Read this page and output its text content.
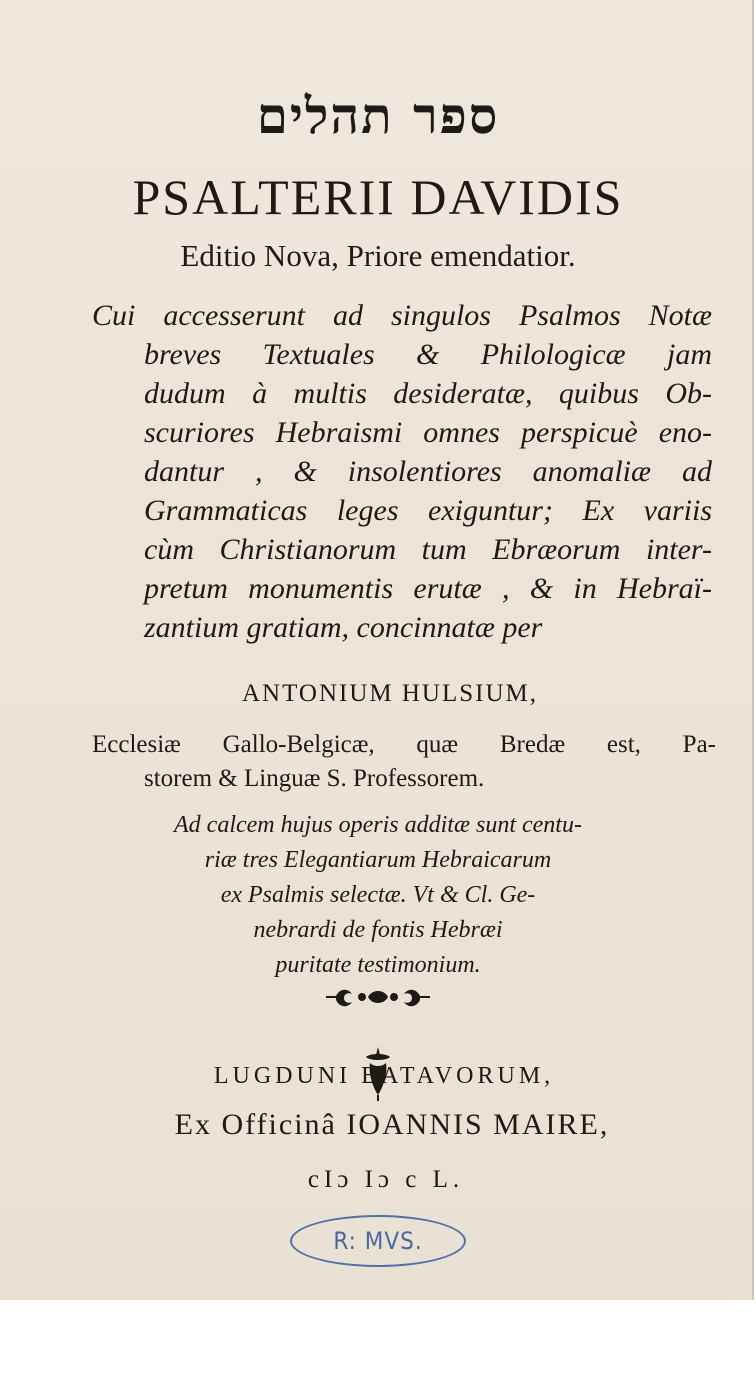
ספר תהלים
PSALTERII DAVIDIS
Editio Nova, Priore emendatior.
Cui accesserunt ad singulos Psalmos Notæ
breves Textuales & Philologicæ jam
dudum à multis desideratæ, quibus Ob-
scuriores Hebraismi omnes perspicuè eno-
dantur , & insolentiores anomaliæ ad
Grammaticas leges exiguntur; Ex variis
cùm Christianorum tum Ebræorum inter-
pretum monumentis erutæ , & in Hebraï-
zantium gratiam, concinnatæ per
ANTONIUM HULSIUM,
Ecclesiæ Gallo-Belgicæ, quæ Bredæ est, Pa-
storem & Linguæ S. Professorem.
Ad calcem hujus operis additæ sunt centu-
riæ tres Elegantiarum Hebraicarum
ex Psalmis selectæ. Vt & Cl. Ge-
nebrardi de fontis Hebræi
puritate testimonium.

LUGDUNI BATAVORUM,
Ex Officinâ IOANNIS MAIRE,
cIɔ Iɔ c L.
R: MVS.
